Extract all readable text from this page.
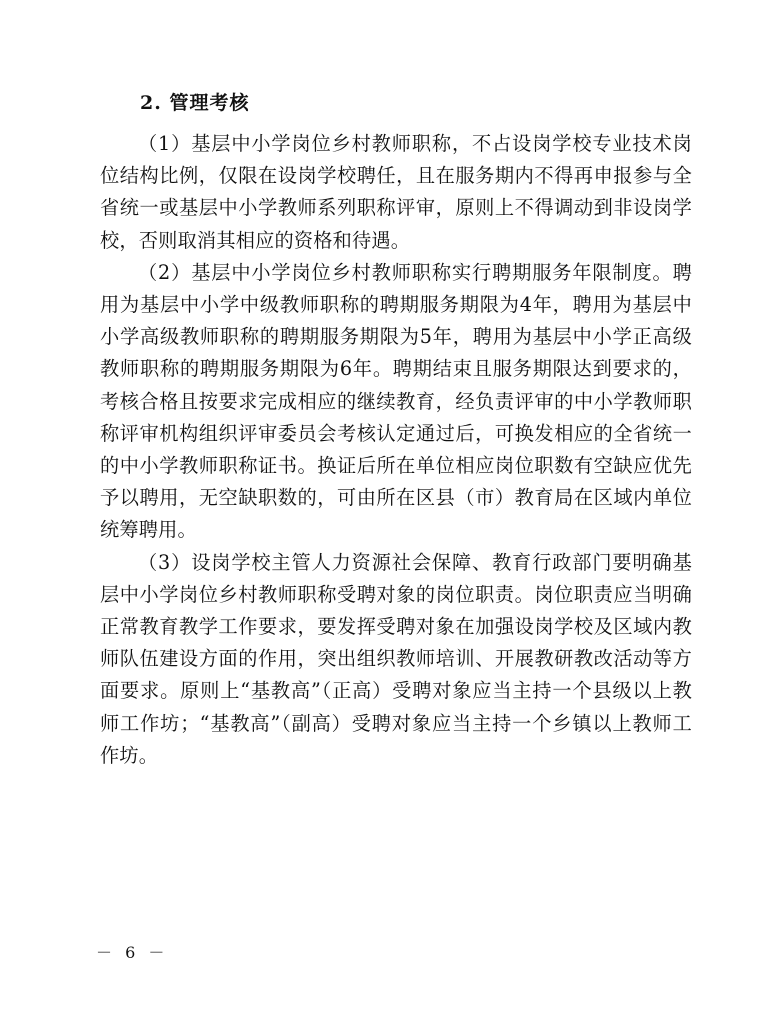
2. 管理考核

（1）基层中小学岗位乡村教师职称，不占设岗学校专业技术岗位结构比例，仅限在设岗学校聘任，且在服务期内不得再申报参与全省统一或基层中小学教师系列职称评审，原则上不得调动到非设岗学校，否则取消其相应的资格和待遇。

（2）基层中小学岗位乡村教师职称实行聘期服务年限制度。聘用为基层中小学中级教师职称的聘期服务期限为4年，聘用为基层中小学高级教师职称的聘期服务期限为5年，聘用为基层中小学正高级教师职称的聘期服务期限为6年。聘期结束且服务期限达到要求的，考核合格且按要求完成相应的继续教育，经负责评审的中小学教师职称评审机构组织评审委员会考核认定通过后，可换发相应的全省统一的中小学教师职称证书。换证后所在单位相应岗位职数有空缺应优先予以聘用，无空缺职数的，可由所在区县（市）教育局在区域内单位统筹聘用。

（3）设岗学校主管人力资源社会保障、教育行政部门要明确基层中小学岗位乡村教师职称受聘对象的岗位职责。岗位职责应当明确正常教育教学工作要求，要发挥受聘对象在加强设岗学校及区域内教师队伍建设方面的作用，突出组织教师培训、开展教研教改活动等方面要求。原则上“基教高”（正高）受聘对象应当主持一个县级以上教师工作坊；“基教高”（副高）受聘对象应当主持一个乡镇以上教师工作坊。

－ 6 －
